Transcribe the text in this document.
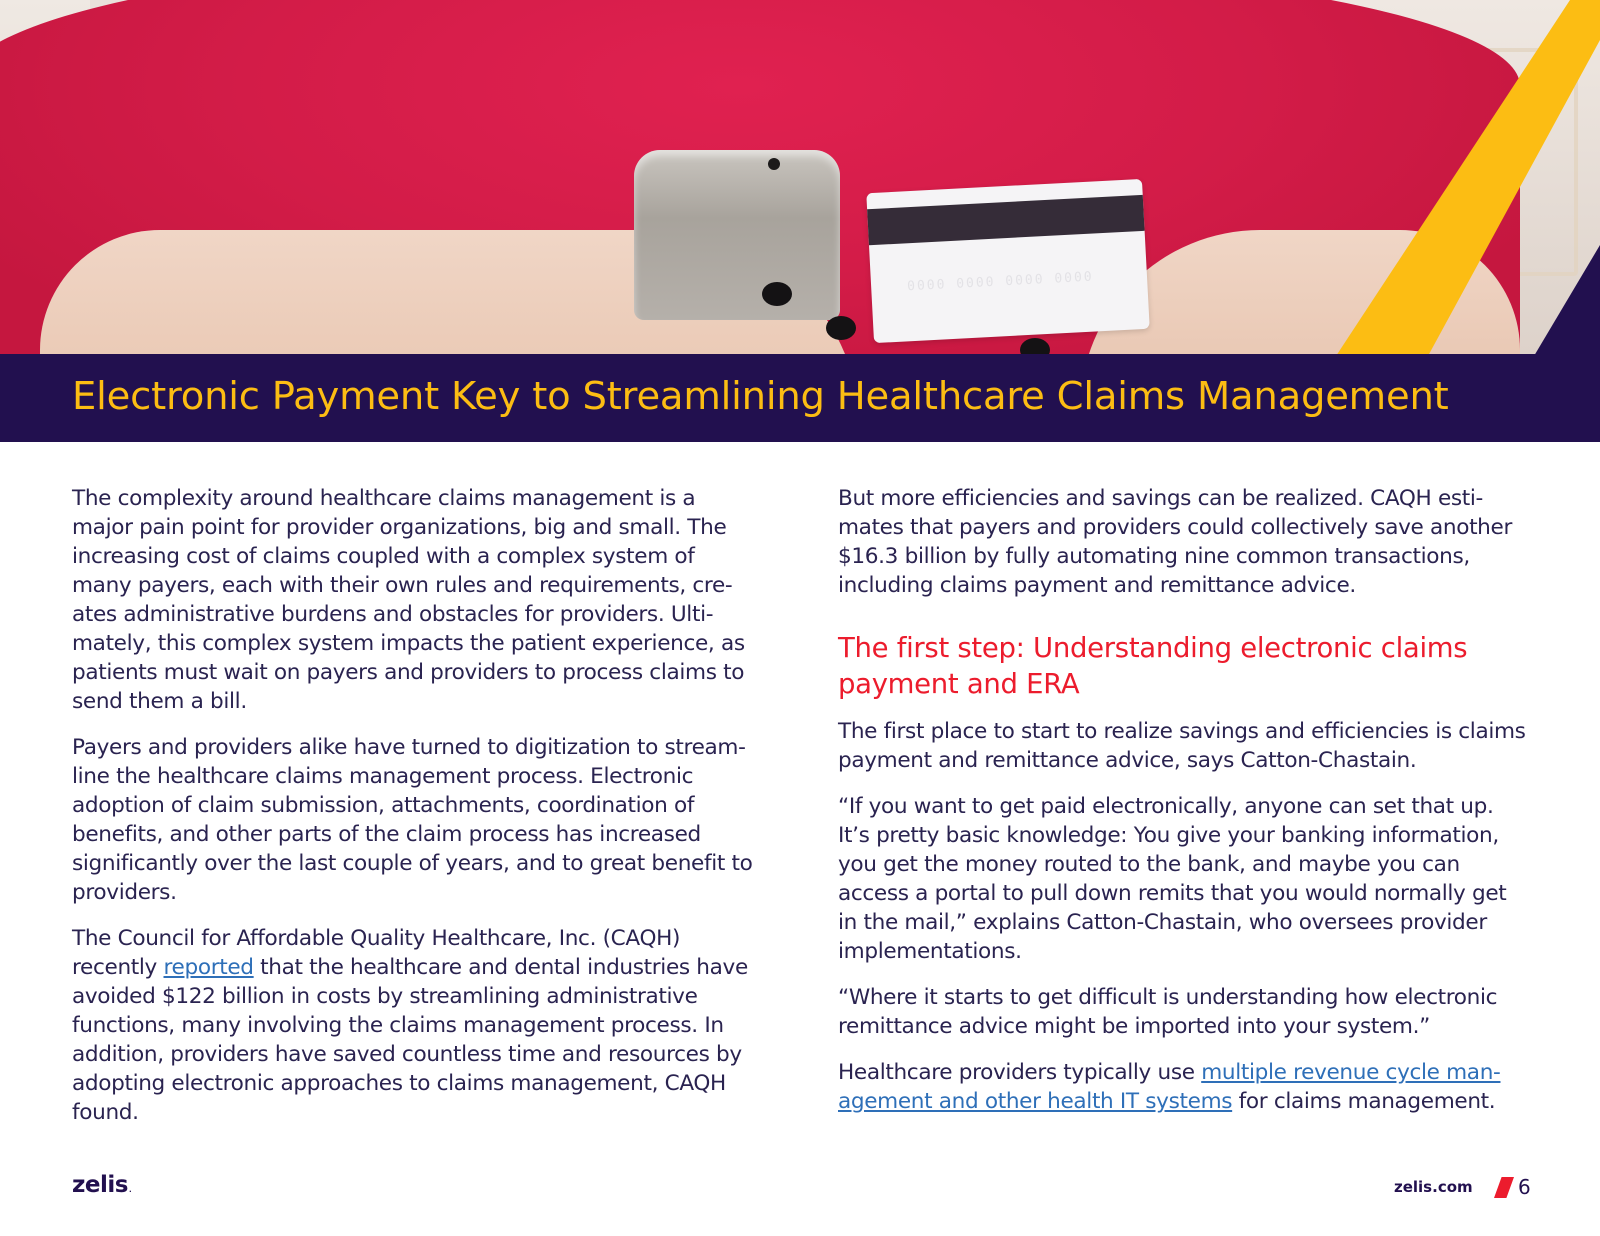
0000 0000 0000 0000
Electronic Payment Key to Streamlining Healthcare Claims Management

The complexity around healthcare claims management is a
major pain point for provider organizations, big and small. The
increasing cost of claims coupled with a complex system of
many payers, each with their own rules and requirements, cre-
ates administrative burdens and obstacles for providers. Ulti-
mately, this complex system impacts the patient experience, as
patients must wait on payers and providers to process claims to
send them a bill.

Payers and providers alike have turned to digitization to stream-
line the healthcare claims management process. Electronic
adoption of claim submission, attachments, coordination of
benefits, and other parts of the claim process has increased
significantly over the last couple of years, and to great benefit to
providers.

The Council for Affordable Quality Healthcare, Inc. (CAQH)
recently reported that the healthcare and dental industries have
avoided $122 billion in costs by streamlining administrative
functions, many involving the claims management process. In
addition, providers have saved countless time and resources by
adopting electronic approaches to claims management, CAQH
found.

But more efficiencies and savings can be realized. CAQH esti-
mates that payers and providers could collectively save another
$16.3 billion by fully automating nine common transactions,
including claims payment and remittance advice.

The first step: Understanding electronic claims
payment and ERA

The first place to start to realize savings and efficiencies is claims
payment and remittance advice, says Catton-Chastain.

“If you want to get paid electronically, anyone can set that up.
It’s pretty basic knowledge: You give your banking information,
you get the money routed to the bank, and maybe you can
access a portal to pull down remits that you would normally get
in the mail,” explains Catton-Chastain, who oversees provider
implementations.

“Where it starts to get difficult is understanding how electronic
remittance advice might be imported into your system.”

Healthcare providers typically use multiple revenue cycle man-
agement and other health IT systems for claims management.

zelis.	zelis.com 6
